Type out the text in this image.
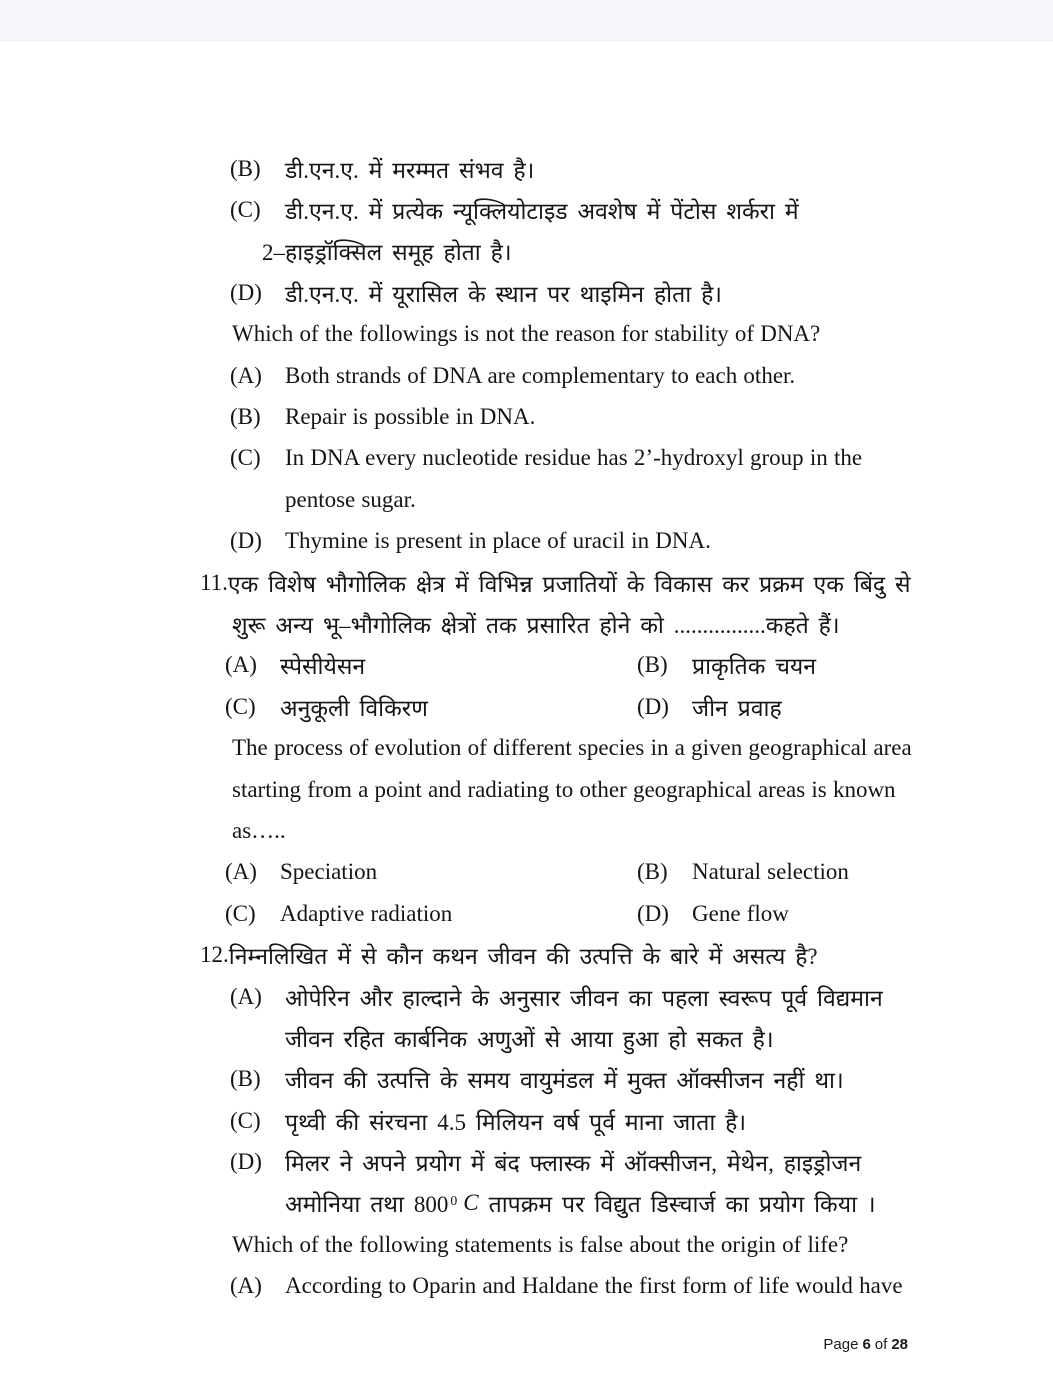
(B)	डी.एन.ए. में मरम्मत संभव है।
(C)	डी.एन.ए. में प्रत्येक न्यूक्लियोटाइड अवशेष में पेंटोस शर्करा में
2–हाइड्रॉक्सिल समूह होता है।
(D)	डी.एन.ए. में यूरासिल के स्थान पर थाइमिन होता है।
Which of the followings is not the reason for stability of DNA?
(A)	Both strands of DNA are complementary to each other.
(B)	Repair is possible in DNA.
(C)	In DNA every nucleotide residue has 2’-hydroxyl group in the
pentose sugar.
(D)	Thymine is present in place of uracil in DNA.
11. एक विशेष भौगोलिक क्षेत्र में विभिन्न प्रजातियों के विकास कर प्रक्रम एक बिंदु से
शुरू अन्य भू–भौगोलिक क्षेत्रों तक प्रसारित होने को ................कहते हैं।
(A)	स्पेसीयेसन	(B)	प्राकृतिक चयन
(C)	अनुकूली विकिरण	(D)	जीन प्रवाह
The process of evolution of different species in a given geographical area
starting from a point and radiating to other geographical areas is known
as…..
(A)	Speciation	(B)	Natural selection
(C)	Adaptive radiation	(D)	Gene flow
12. निम्नलिखित में से कौन कथन जीवन की उत्पत्ति के बारे में असत्य है?
(A)	ओपेरिन और हाल्दाने के अनुसार जीवन का पहला स्वरूप पूर्व विद्यमान
जीवन रहित कार्बनिक अणुओं से आया हुआ हो सकत है।
(B)	जीवन की उत्पत्ति के समय वायुमंडल में मुक्त ऑक्सीजन नहीं था।
(C)	पृथ्वी की संरचना 4.5 मिलियन वर्ष पूर्व माना जाता है।
(D)	मिलर ने अपने प्रयोग में बंद फ्लास्क में ऑक्सीजन, मेथेन, हाइड्रोजन
अमोनिया तथा 800 0 C तापक्रम पर विद्युत डिस्चार्ज का प्रयोग किया ।
Which of the following statements is false about the origin of life?
(A)	According to Oparin and Haldane the first form of life would have
Page 6 of 28
